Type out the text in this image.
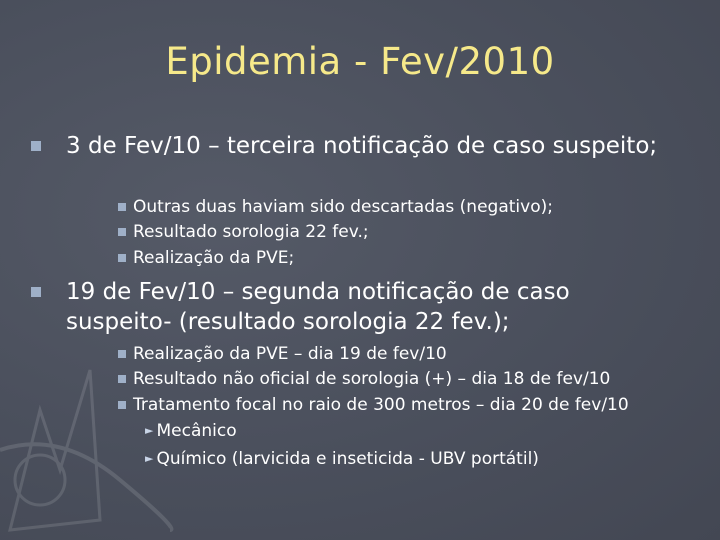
Epidemia - Fev/2010
3 de Fev/10 – terceira notificação de caso suspeito;
Outras duas haviam sido descartadas (negativo);
Resultado sorologia 22 fev.;
Realização da PVE;
19 de Fev/10 – segunda notificação de caso suspeito- (resultado sorologia 22 fev.);
Realização da PVE – dia 19 de fev/10
Resultado não oficial de sorologia (+) – dia 18 de fev/10
Tratamento focal no raio de 300 metros – dia 20 de fev/10
► Mecânico
► Químico (larvicida e inseticida - UBV portátil)
